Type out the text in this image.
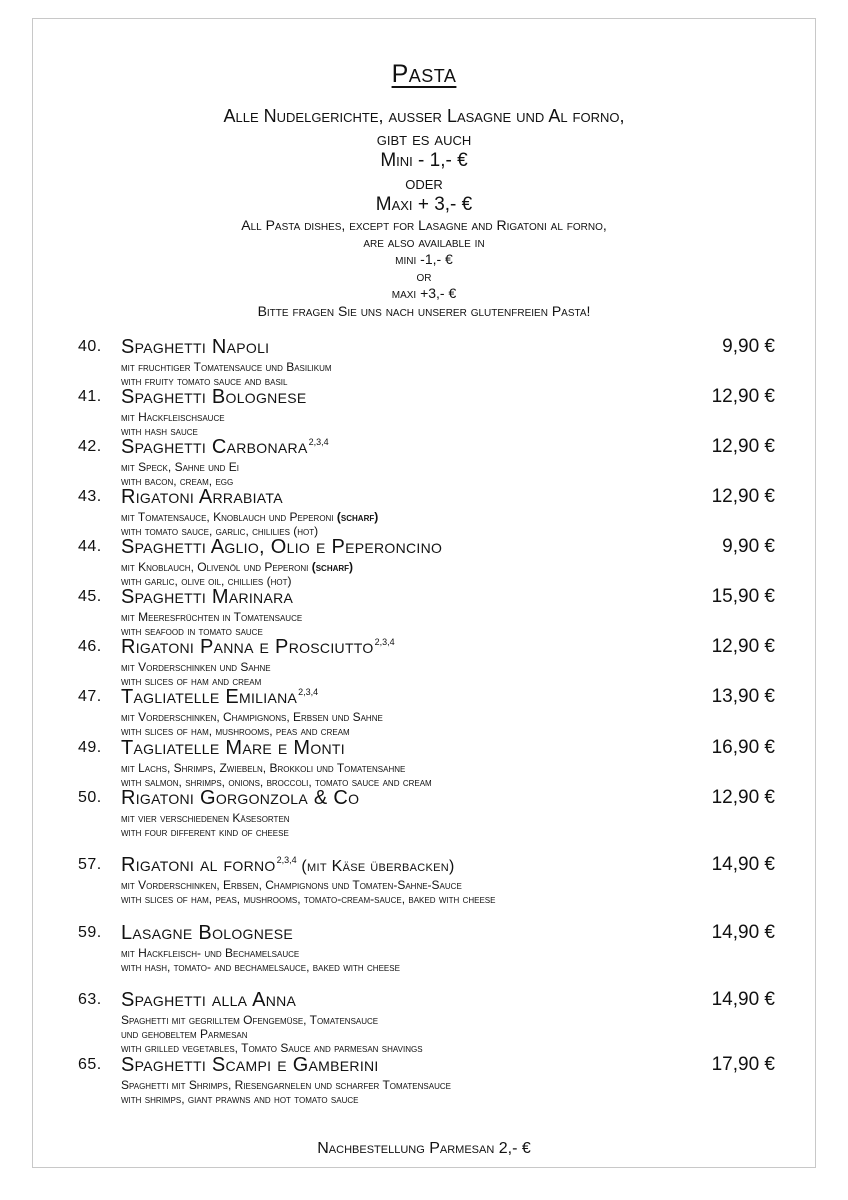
Pasta
Alle Nudelgerichte, ausser Lasagne und Al forno,
gibt es auch
Mini - 1,- €
oder
Maxi + 3,- €
All Pasta dishes, except for Lasagne and Rigatoni al forno,
are also available in
mini -1,- €
or
maxi +3,- €
Bitte fragen Sie uns nach unserer glutenfreien Pasta!
40. Spaghetti Napoli	9,90 €
mit fruchtiger Tomatensauce und Basilikum
with fruity tomato sauce and basil
41. Spaghetti Bolognese	12,90 €
mit Hackfleischsauce
with hash sauce
42. Spaghetti Carbonara$^{2,3,4}$	12,90 €
mit Speck, Sahne und Ei
with bacon, cream, egg
43. Rigatoni Arrabiata	12,90 €
mit Tomatensauce, Knoblauch und Peperoni (scharf)
with tomato sauce, garlic, chililies (hot)
44. Spaghetti Aglio, Olio e Peperoncino	9,90 €
mit Knoblauch, Olivenöl und Peperoni (scharf)
with garlic, olive oil, chillies (hot)
45. Spaghetti Marinara	15,90 €
mit Meeresfrüchten in Tomatensauce
with seafood in tomato sauce
46. Rigatoni Panna e Prosciutto$^{2,3,4}$	12,90 €
mit Vorderschinken und Sahne
with slices of ham and cream
47. Tagliatelle Emiliana$^{2,3,4}$	13,90 €
mit Vorderschinken, Champignons, Erbsen und Sahne
with slices of ham, mushrooms, peas and cream
49. Tagliatelle Mare e Monti	16,90 €
mit Lachs, Shrimps, Zwiebeln, Brokkoli und Tomatensahne
with salmon, shrimps, onions, broccoli, tomato sauce and cream
50. Rigatoni Gorgonzola & Co	12,90 €
mit vier verschiedenen Käsesorten
with four different kind of cheese
57. Rigatoni al forno$^{2,3,4}$ (mit Käse überbacken)	14,90 €
mit Vorderschinken, Erbsen, Champignons und Tomaten-Sahne-Sauce
with slices of ham, peas, mushrooms, tomato-cream-sauce, baked with cheese
59. Lasagne Bolognese	14,90 €
mit Hackfleisch- und Bechamelsauce
with hash, tomato- and bechamelsauce, baked with cheese
63. Spaghetti alla Anna	14,90 €
Spaghetti mit gegrilltem Ofengemüse, Tomatensauce
und gehobeltem Parmesan
with grilled vegetables, Tomato Sauce and parmesan shavings
65. Spaghetti Scampi e Gamberini	17,90 €
Spaghetti mit Shrimps, Riesengarnelen und scharfer Tomatensauce
with shrimps, giant prawns and hot tomato sauce
Nachbestellung Parmesan 2,- €
